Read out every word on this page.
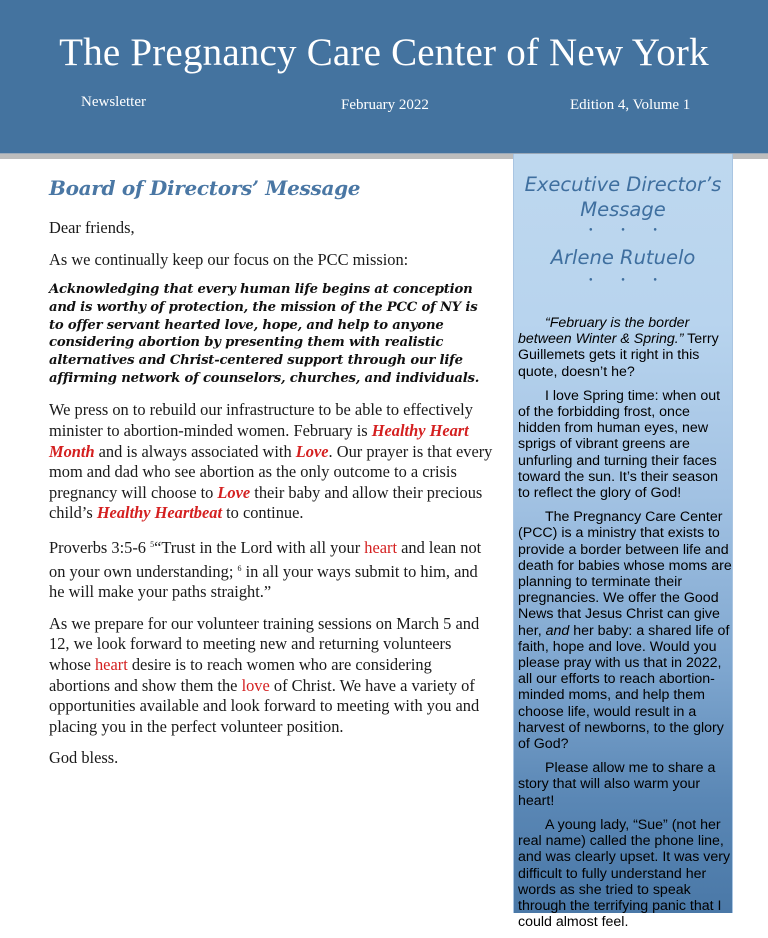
The Pregnancy Care Center of New York
Newsletter	February 2022	Edition 4, Volume 1
Board of Directors’ Message

Dear friends,

As we continually keep our focus on the PCC mission:

Acknowledging that every human life begins at conception and is worthy of protection, the mission of the PCC of NY is to offer servant hearted love, hope, and help to anyone considering abortion by presenting them with realistic alternatives and Christ-centered support through our life affirming network of counselors, churches, and individuals.

We press on to rebuild our infrastructure to be able to effectively minister to abortion-minded women. February is Healthy Heart Month and is always associated with Love. Our prayer is that every mom and dad who see abortion as the only outcome to a crisis pregnancy will choose to Love their baby and allow their precious child’s Healthy Heartbeat to continue.

Proverbs 3:5-6 $^5$“Trust in the Lord with all your heart and lean not on your own understanding; $^6$ in all your ways submit to him, and he will make your paths straight.”

As we prepare for our volunteer training sessions on March 5 and 12, we look forward to meeting new and returning volunteers whose heart desire is to reach women who are considering abortions and show them the love of Christ. We have a variety of opportunities available and look forward to meeting with you and placing you in the perfect volunteer position.

God bless.

Executive Director’s Message
• • •
Arlene Rutuelo
• • •

“February is the border between Winter & Spring.” Terry Guillemets gets it right in this quote, doesn’t he?

I love Spring time: when out of the forbidding frost, once hidden from human eyes, new sprigs of vibrant greens are unfurling and turning their faces toward the sun. It’s their season to reflect the glory of God!

The Pregnancy Care Center (PCC) is a ministry that exists to provide a border between life and death for babies whose moms are planning to terminate their pregnancies. We offer the Good News that Jesus Christ can give her, and her baby: a shared life of faith, hope and love. Would you please pray with us that in 2022, all our efforts to reach abortion-minded moms, and help them choose life, would result in a harvest of newborns, to the glory of God?

Please allow me to share a story that will also warm your heart!

A young lady, “Sue” (not her real name) called the phone line, and was clearly upset. It was very difficult to fully understand her words as she tried to speak through the terrifying panic that I could almost feel.
